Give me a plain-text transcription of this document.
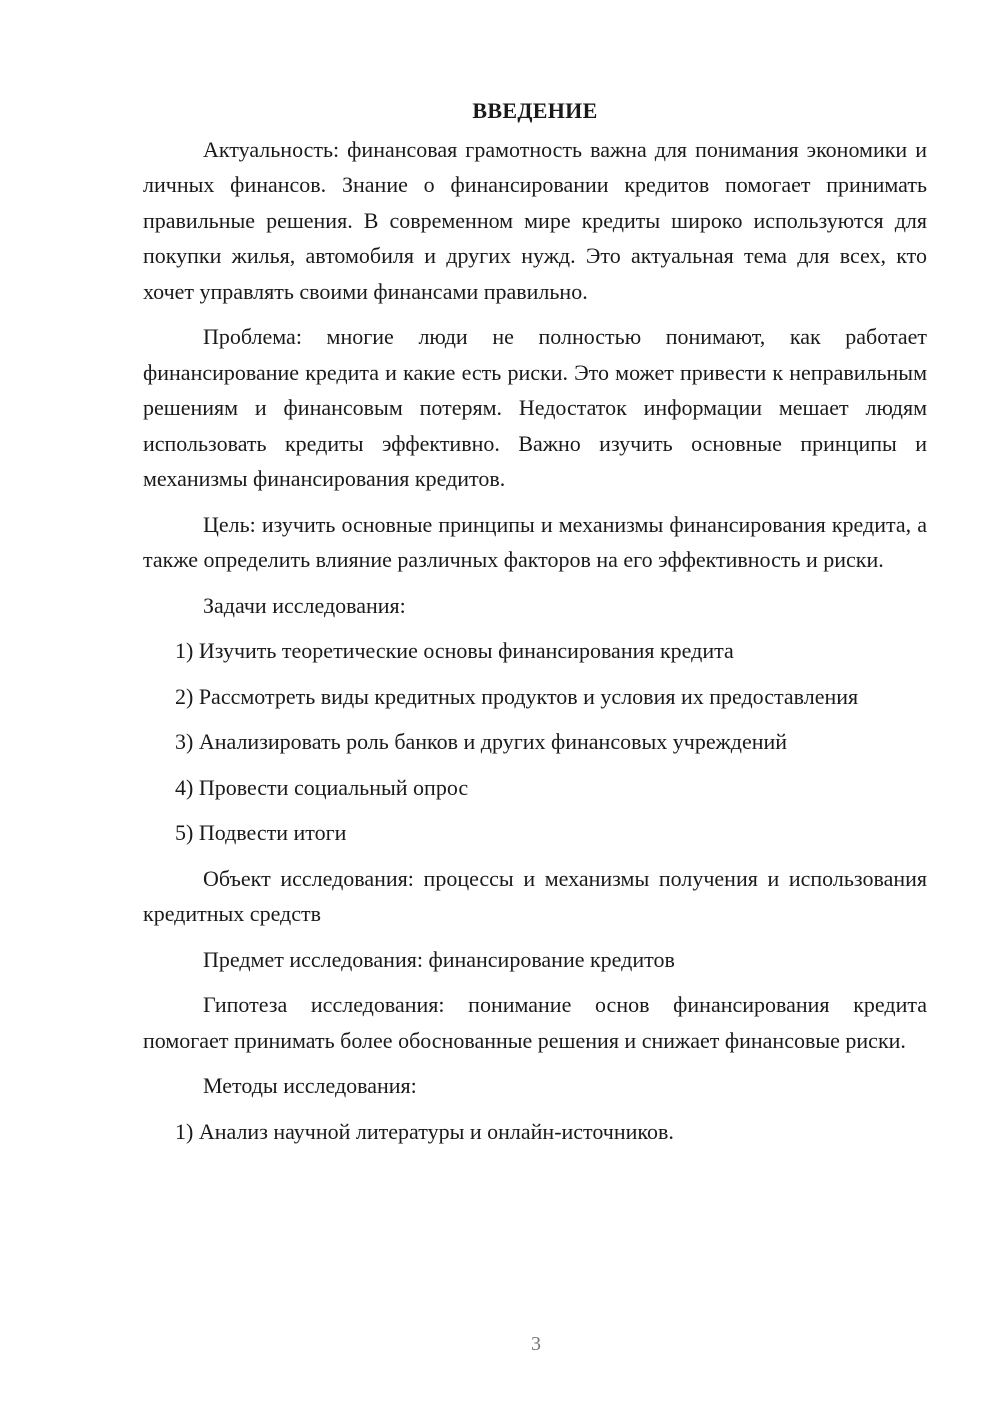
ВВЕДЕНИЕ

Актуальность: финансовая грамотность важна для понимания экономики и личных финансов. Знание о финансировании кредитов помогает принимать правильные решения. В современном мире кредиты широко используются для покупки жилья, автомобиля и других нужд. Это актуальная тема для всех, кто хочет управлять своими финансами правильно.

Проблема: многие люди не полностью понимают, как работает финансирование кредита и какие есть риски. Это может привести к неправильным решениям и финансовым потерям. Недостаток информации мешает людям использовать кредиты эффективно. Важно изучить основные принципы и механизмы финансирования кредитов.

Цель: изучить основные принципы и механизмы финансирования кредита, а также определить влияние различных факторов на его эффективность и риски.

Задачи исследования:

1) Изучить теоретические основы финансирования кредита

2) Рассмотреть виды кредитных продуктов и условия их предоставления

3) Анализировать роль банков и других финансовых учреждений

4) Провести социальный опрос

5) Подвести итоги

Объект исследования: процессы и механизмы получения и использования кредитных средств

Предмет исследования: финансирование кредитов

Гипотеза исследования: понимание основ финансирования кредита помогает принимать более обоснованные решения и снижает финансовые риски.

Методы исследования:

1) Анализ научной литературы и онлайн-источников.

3
